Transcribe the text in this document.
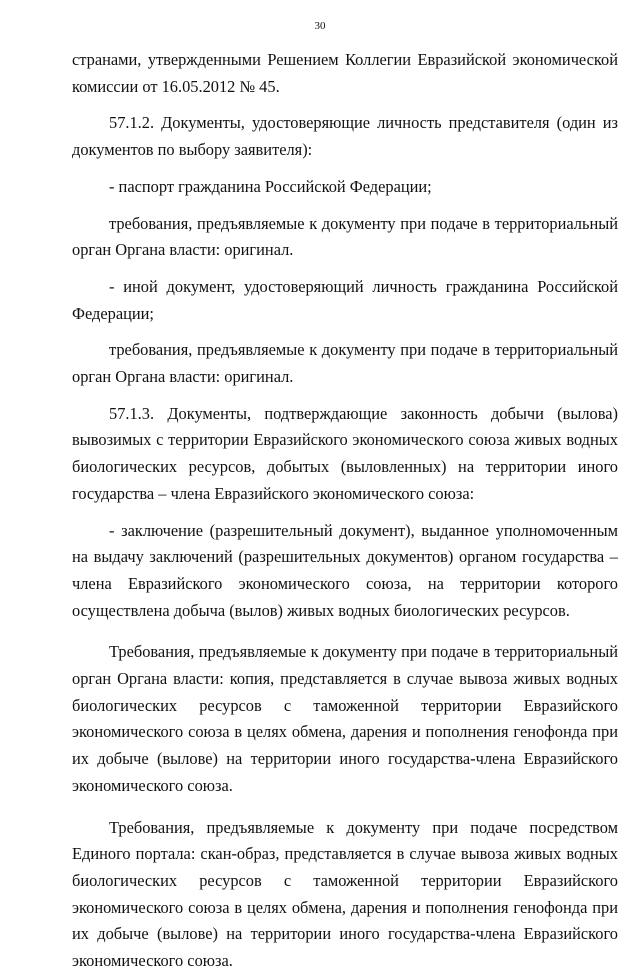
30

странами, утвержденными Решением Коллегии Евразийской экономической комиссии от 16.05.2012 № 45.

57.1.2. Документы, удостоверяющие личность представителя (один из документов по выбору заявителя):

- паспорт гражданина Российской Федерации;

требования, предъявляемые к документу при подаче в территориальный орган Органа власти: оригинал.

- иной документ, удостоверяющий личность гражданина Российской Федерации;

требования, предъявляемые к документу при подаче в территориальный орган Органа власти: оригинал.

57.1.3. Документы, подтверждающие законность добычи (вылова) вывозимых с территории Евразийского экономического союза живых водных биологических ресурсов, добытых (выловленных) на территории иного государства – члена Евразийского экономического союза:

- заключение (разрешительный документ), выданное уполномоченным на выдачу заключений (разрешительных документов) органом государства – члена Евразийского экономического союза, на территории которого осуществлена добыча (вылов) живых водных биологических ресурсов.

Требования, предъявляемые к документу при подаче в территориальный орган Органа власти: копия, представляется в случае вывоза живых водных биологических ресурсов с таможенной территории Евразийского экономического союза в целях обмена, дарения и пополнения генофонда при их добыче (вылове) на территории иного государства-члена Евразийского экономического союза.

Требования, предъявляемые к документу при подаче посредством Единого портала: скан-образ, представляется в случае вывоза живых водных биологических ресурсов с таможенной территории Евразийского экономического союза в целях обмена, дарения и пополнения генофонда при их добыче (вылове) на территории иного государства-члена Евразийского экономического союза.
